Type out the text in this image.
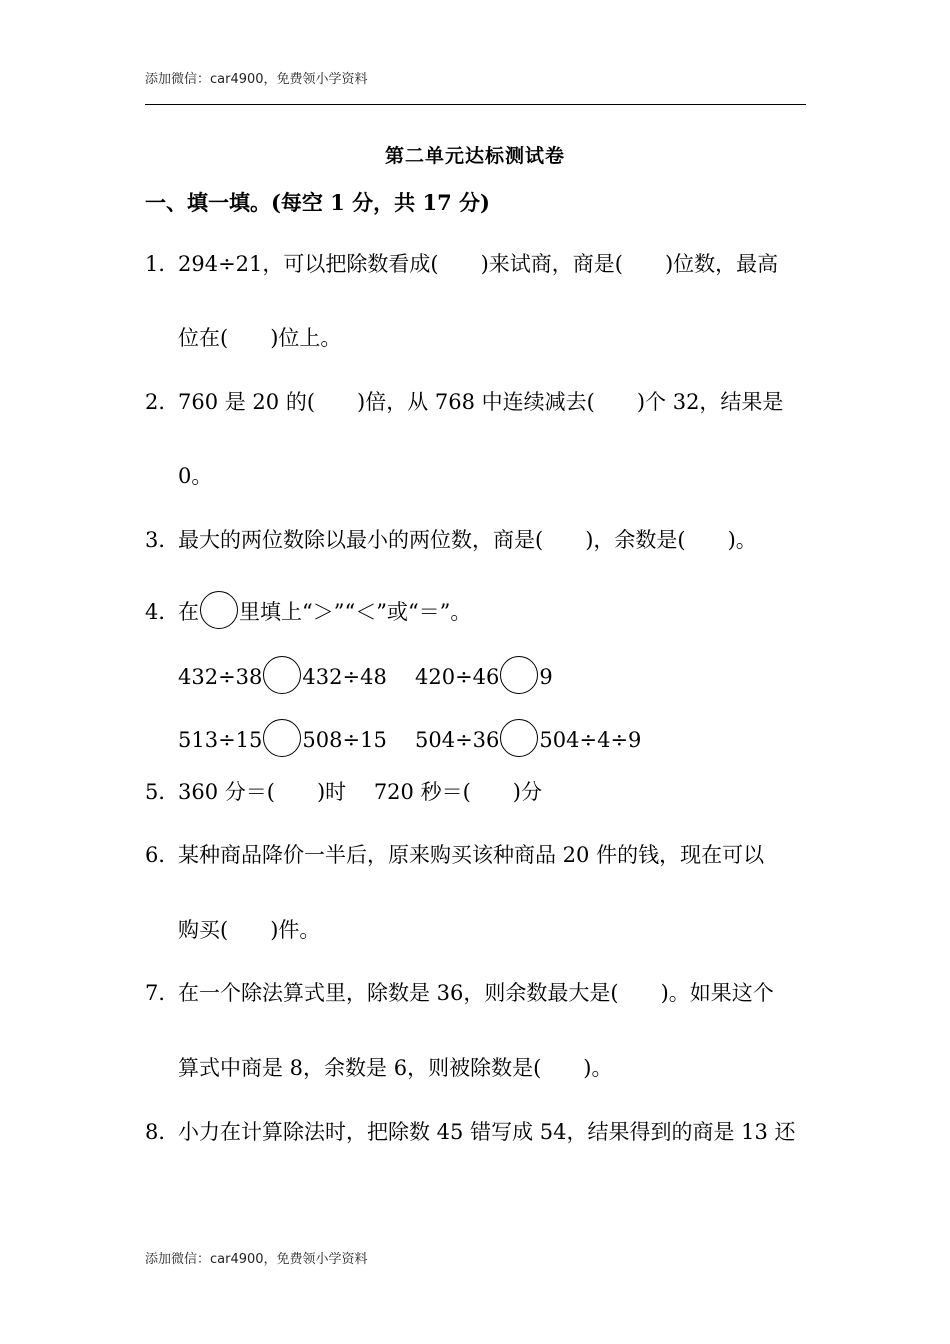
添加微信：car4900，免费领小学资料
第二单元达标测试卷
一、填一填。(每空 1 分，共 17 分)
1．294÷21，可以把除数看成(　　)来试商，商是(　　)位数，最高
位在(　　)位上。
2．760 是 20 的(　　)倍，从 768 中连续减去(　　)个 32，结果是
0。
3．最大的两位数除以最小的两位数，商是(　　)，余数是(　　)。
4．在 里填上“＞”“＜”或“＝”。
432÷38 432÷48 420÷46 9
513÷15 508÷15 504÷36 504÷4÷9
5．360 分＝(　　)时　 720 秒＝(　　)分
6．某种商品降价一半后，原来购买该种商品 20 件的钱，现在可以
购买(　　)件。
7．在一个除法算式里，除数是 36，则余数最大是(　　)。如果这个
算式中商是 8，余数是 6，则被除数是(　　)。
8．小力在计算除法时，把除数 45 错写成 54，结果得到的商是 13 还
添加微信：car4900，免费领小学资料
